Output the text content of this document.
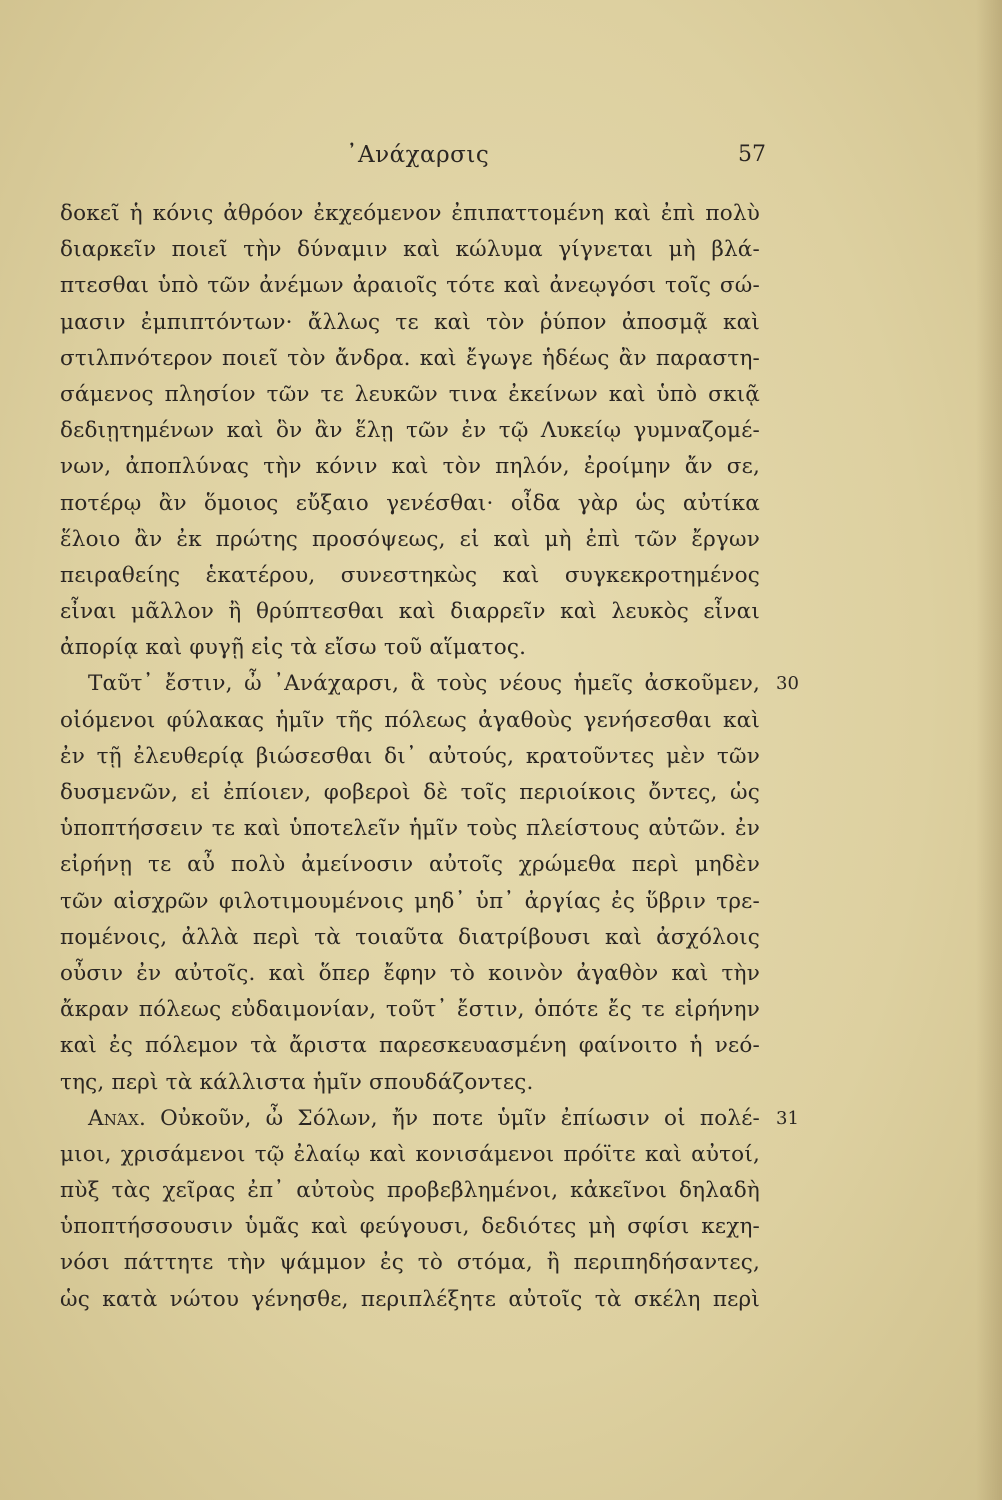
᾿Ανάχαρσις	57
δοκεῖ ἡ κόνις ἀθρόον ἐκχεόμενον ἐπιπαττομένη καὶ ἐπὶ πολὺ
διαρκεῖν ποιεῖ τὴν δύναμιν καὶ κώλυμα γίγνεται μὴ βλά-
πτεσθαι ὑπὸ τῶν ἀνέμων ἀραιοῖς τότε καὶ ἀνεῳγόσι τοῖς σώ-
μασιν ἐμπιπτόντων· ἄλλως τε καὶ τὸν ῥύπον ἀποσμᾷ καὶ
στιλπνότερον ποιεῖ τὸν ἄνδρα. καὶ ἔγωγε ἡδέως ἂν παραστη-
σάμενος πλησίον τῶν τε λευκῶν τινα ἐκείνων καὶ ὑπὸ σκιᾷ
δεδιῃτημένων καὶ ὃν ἂν ἕλῃ τῶν ἐν τῷ Λυκείῳ γυμναζομέ-
νων, ἀποπλύνας τὴν κόνιν καὶ τὸν πηλόν, ἐροίμην ἄν σε,
ποτέρῳ ἂν ὅμοιος εὔξαιο γενέσθαι· οἶδα γὰρ ὡς αὐτίκα
ἕλοιο ἂν ἐκ πρώτης προσόψεως, εἰ καὶ μὴ ἐπὶ τῶν ἔργων
πειραθείης ἑκατέρου, συνεστηκὼς καὶ συγκεκροτημένος
εἶναι μᾶλλον ἢ θρύπτεσθαι καὶ διαρρεῖν καὶ λευκὸς εἶναι
ἀπορίᾳ καὶ φυγῇ εἰς τὰ εἴσω τοῦ αἵματος.
Ταῦτ᾿ ἔστιν, ὦ ᾿Ανάχαρσι, ἃ τοὺς νέους ἡμεῖς ἀσκοῦμεν, 30
οἰόμενοι φύλακας ἡμῖν τῆς πόλεως ἀγαθοὺς γενήσεσθαι καὶ
ἐν τῇ ἐλευθερίᾳ βιώσεσθαι δι᾿ αὐτούς, κρατοῦντες μὲν τῶν
δυσμενῶν, εἰ ἐπίοιεν, φοβεροὶ δὲ τοῖς περιοίκοις ὄντες, ὡς
ὑποπτήσσειν τε καὶ ὑποτελεῖν ἡμῖν τοὺς πλείστους αὐτῶν. ἐν
εἰρήνῃ τε αὖ πολὺ ἀμείνοσιν αὐτοῖς χρώμεθα περὶ μηδὲν
τῶν αἰσχρῶν φιλοτιμουμένοις μηδ᾿ ὑπ᾿ ἀργίας ἐς ὕβριν τρε-
πομένοις, ἀλλὰ περὶ τὰ τοιαῦτα διατρίβουσι καὶ ἀσχόλοις
οὖσιν ἐν αὐτοῖς. καὶ ὅπερ ἔφην τὸ κοινὸν ἀγαθὸν καὶ τὴν
ἄκραν πόλεως εὐδαιμονίαν, τοῦτ᾿ ἔστιν, ὁπότε ἔς τε εἰρήνην
καὶ ἐς πόλεμον τὰ ἄριστα παρεσκευασμένη φαίνοιτο ἡ νεό-
της, περὶ τὰ κάλλιστα ἡμῖν σπουδάζοντες.
Ανάχ. Οὐκοῦν, ὦ Σόλων, ἤν ποτε ὑμῖν ἐπίωσιν οἱ πολέ- 31
μιοι, χρισάμενοι τῷ ἐλαίῳ καὶ κονισάμενοι πρόϊτε καὶ αὐτοί,
πὺξ τὰς χεῖρας ἐπ᾿ αὐτοὺς προβεβλημένοι, κἀκεῖνοι δηλαδὴ
ὑποπτήσσουσιν ὑμᾶς καὶ φεύγουσι, δεδιότες μὴ σφίσι κεχη-
νόσι πάττητε τὴν ψάμμον ἐς τὸ στόμα, ἢ περιπηδήσαντες,
ὡς κατὰ νώτου γένησθε, περιπλέξητε αὐτοῖς τὰ σκέλη περὶ
